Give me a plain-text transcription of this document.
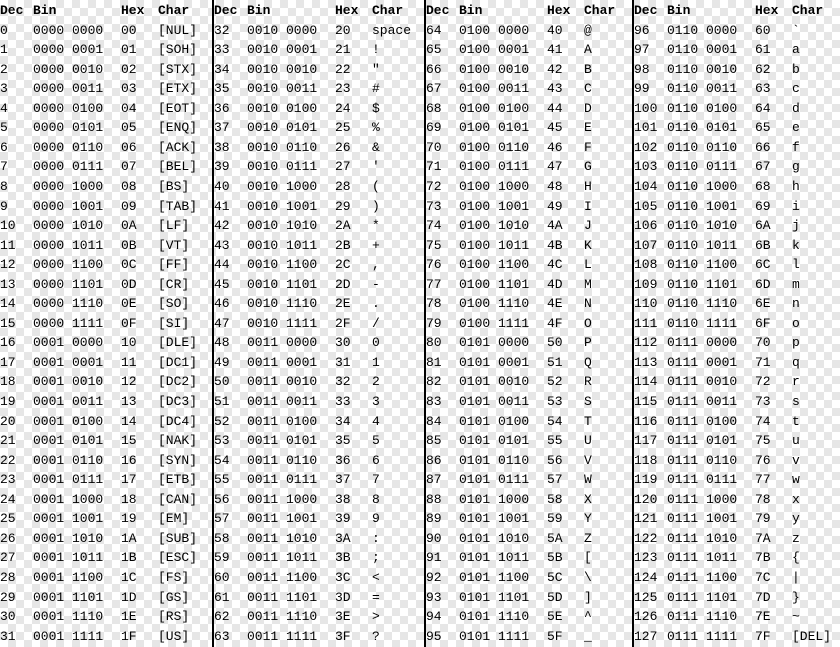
Dec Bin	Hex Char
0 0000 0000 00 [NUL]
1 0000 0001 01 [SOH]
2 0000 0010 02 [STX]
3 0000 0011 03 [ETX]
4 0000 0100 04 [EOT]
5 0000 0101 05 [ENQ]
6 0000 0110 06 [ACK]
7 0000 0111 07 [BEL]
8 0000 1000 08 [BS]
9 0000 1001 09 [TAB]
10 0000 1010 0A [LF]
11 0000 1011 0B [VT]
12 0000 1100 0C [FF]
13 0000 1101 0D [CR]
14 0000 1110 0E [SO]
15 0000 1111 0F [SI]
16 0001 0000 10 [DLE]
17 0001 0001 11 [DC1]
18 0001 0010 12 [DC2]
19 0001 0011 13 [DC3]
20 0001 0100 14 [DC4]
21 0001 0101 15 [NAK]
22 0001 0110 16 [SYN]
23 0001 0111 17 [ETB]
24 0001 1000 18 [CAN]
25 0001 1001 19 [EM]
26 0001 1010 1A [SUB]
27 0001 1011 1B [ESC]
28 0001 1100 1C [FS]
29 0001 1101 1D [GS]
30 0001 1110 1E [RS]
31 0001 1111 1F [US]
Dec Bin	Hex Char
32 0010 0000 20 space
33 0010 0001 21 !
34 0010 0010 22 "
35 0010 0011 23 #
36 0010 0100 24 $
37 0010 0101 25 %
38 0010 0110 26 &
39 0010 0111 27 '
40 0010 1000 28 (
41 0010 1001 29 )
42 0010 1010 2A *
43 0010 1011 2B +
44 0010 1100 2C ,
45 0010 1101 2D -
46 0010 1110 2E .
47 0010 1111 2F /
48 0011 0000 30 0
49 0011 0001 31 1
50 0011 0010 32 2
51 0011 0011 33 3
52 0011 0100 34 4
53 0011 0101 35 5
54 0011 0110 36 6
55 0011 0111 37 7
56 0011 1000 38 8
57 0011 1001 39 9
58 0011 1010 3A :
59 0011 1011 3B ;
60 0011 1100 3C <
61 0011 1101 3D =
62 0011 1110 3E >
63 0011 1111 3F ?
Dec Bin	Hex Char
64 0100 0000 40 @
65 0100 0001 41 A
66 0100 0010 42 B
67 0100 0011 43 C
68 0100 0100 44 D
69 0100 0101 45 E
70 0100 0110 46 F
71 0100 0111 47 G
72 0100 1000 48 H
73 0100 1001 49 I
74 0100 1010 4A J
75 0100 1011 4B K
76 0100 1100 4C L
77 0100 1101 4D M
78 0100 1110 4E N
79 0100 1111 4F O
80 0101 0000 50 P
81 0101 0001 51 Q
82 0101 0010 52 R
83 0101 0011 53 S
84 0101 0100 54 T
85 0101 0101 55 U
86 0101 0110 56 V
87 0101 0111 57 W
88 0101 1000 58 X
89 0101 1001 59 Y
90 0101 1010 5A Z
91 0101 1011 5B [
92 0101 1100 5C \
93 0101 1101 5D ]
94 0101 1110 5E ^
95 0101 1111 5F _
Dec Bin	Hex Char
96 0110 0000 60 `
97 0110 0001 61 a
98 0110 0010 62 b
99 0110 0011 63 c
100 0110 0100 64 d
101 0110 0101 65 e
102 0110 0110 66 f
103 0110 0111 67 g
104 0110 1000 68 h
105 0110 1001 69 i
106 0110 1010 6A j
107 0110 1011 6B k
108 0110 1100 6C l
109 0110 1101 6D m
110 0110 1110 6E n
111 0110 1111 6F o
112 0111 0000 70 p
113 0111 0001 71 q
114 0111 0010 72 r
115 0111 0011 73 s
116 0111 0100 74 t
117 0111 0101 75 u
118 0111 0110 76 v
119 0111 0111 77 w
120 0111 1000 78 x
121 0111 1001 79 y
122 0111 1010 7A z
123 0111 1011 7B {
124 0111 1100 7C |
125 0111 1101 7D }
126 0111 1110 7E ~
127 0111 1111 7F [DEL]
